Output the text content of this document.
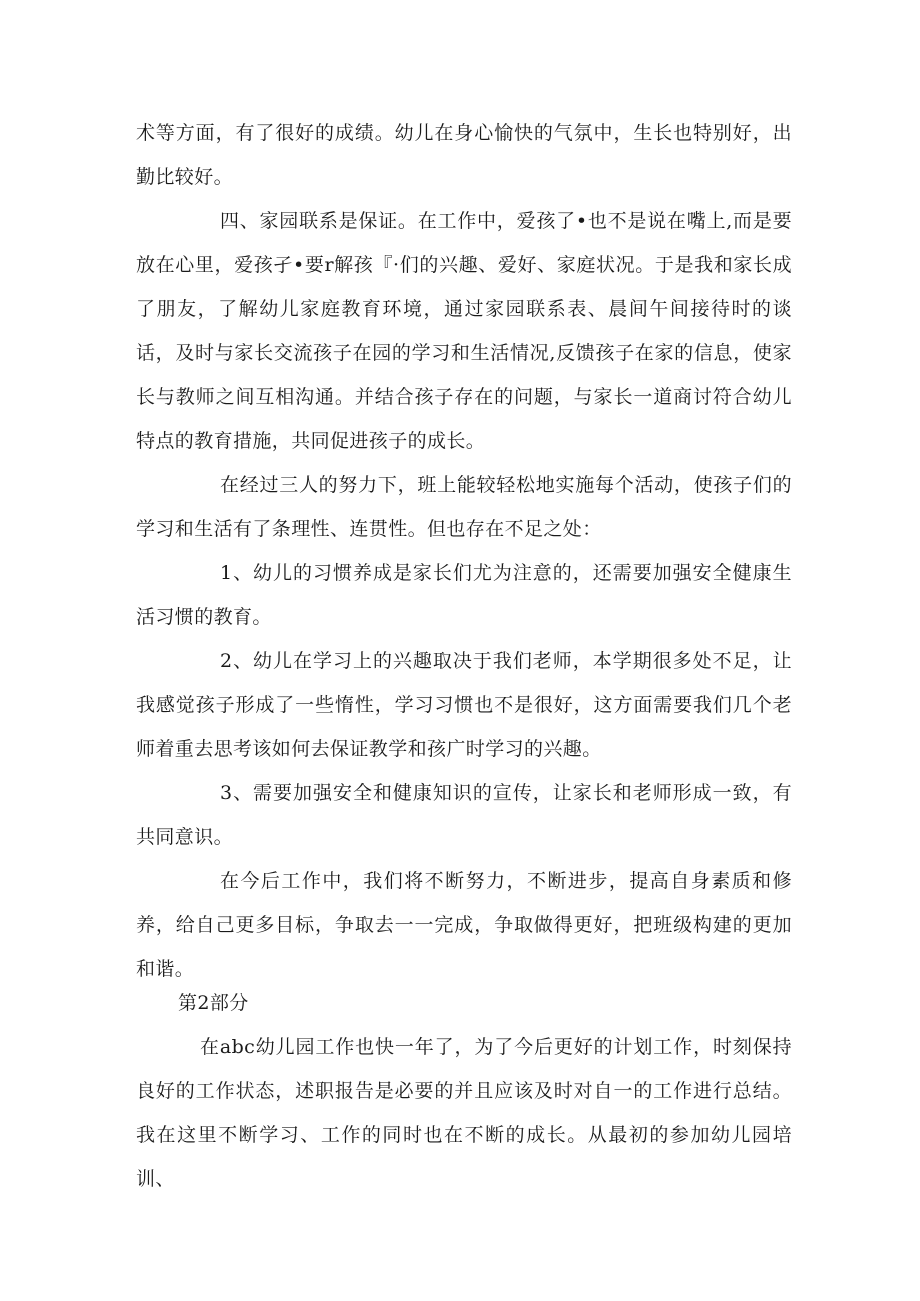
术等方面，有了很好的成绩。幼儿在身心愉快的气氛中，生长也特别好，出勤比较好。

四、家园联系是保证。在工作中，爱孩了•也不是说在嘴上,而是要放在心里，爱孩孑•要r解孩『·们的兴趣、爱好、家庭状况。于是我和家长成了朋友，了解幼儿家庭教育环境，通过家园联系表、晨间午间接待时的谈话，及时与家长交流孩子在园的学习和生活情况,反馈孩子在家的信息，使家长与教师之间互相沟通。并结合孩子存在的问题，与家长一道商讨符合幼儿特点的教育措施，共同促进孩子的成长。

在经过三人的努力下，班上能较轻松地实施每个活动，使孩子们的学习和生活有了条理性、连贯性。但也存在不足之处：

1、幼儿的习惯养成是家长们尤为注意的，还需要加强安全健康生活习惯的教育。

2、幼儿在学习上的兴趣取决于我们老师，本学期很多处不足，让我感觉孩子形成了一些惰性，学习习惯也不是很好，这方面需要我们几个老师着重去思考该如何去保证教学和孩广时学习的兴趣。

3、需要加强安全和健康知识的宣传，让家长和老师形成一致，有共同意识。

在今后工作中，我们将不断努力，不断进步，提高自身素质和修养，给自己更多目标，争取去一一完成，争取做得更好，把班级构建的更加和谐。

第2部分

在abc幼儿园工作也快一年了，为了今后更好的计划工作，时刻保持良好的工作状态，述职报告是必要的并且应该及时对自一的工作进行总结。我在这里不断学习、工作的同时也在不断的成长。从最初的参加幼儿园培训、
